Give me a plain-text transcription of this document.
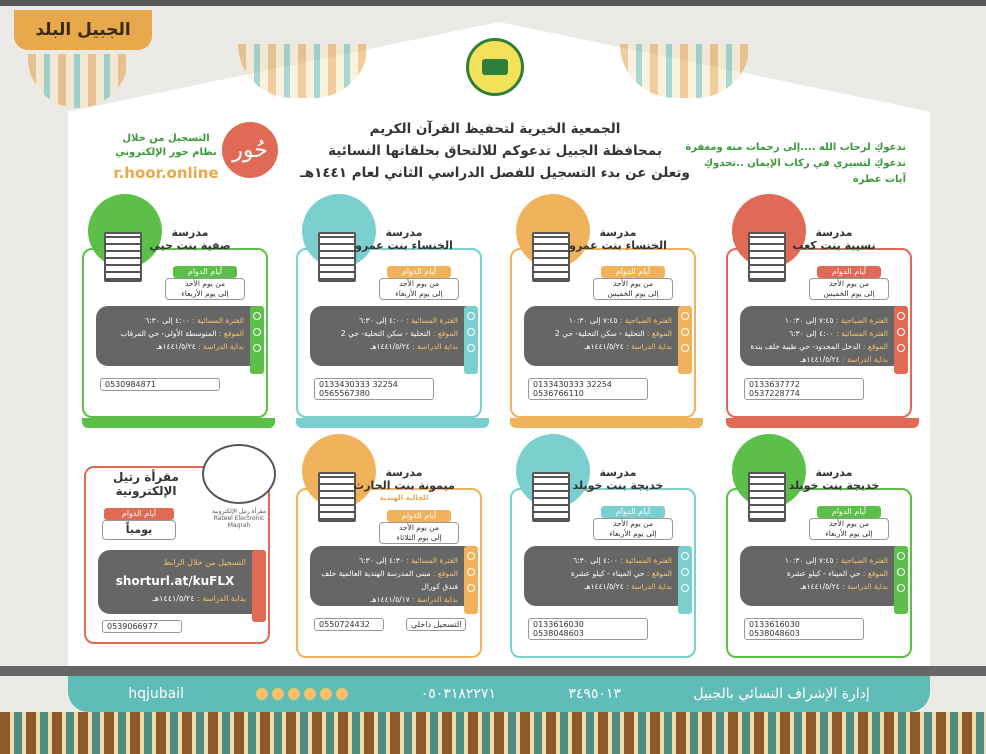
الجبيل البلد
الجمعية الخيرية لتحفيظ القرآن الكريم
بمحافظة الجبيل تدعوكم للالتحاق بحلقاتها النسائية
وتعلن عن بدء التسجيل للفصل الدراسي الثاني لعام ١٤٤١هـ
التسجيل من خلال
نظام حور الإلكتروني
r.hoor.online
حُور	ندعوكِ لرحاب الله ....إلى رحمات منه ومغفرة
ندعوكِ لتسيري في ركاب الإيمان ..تحدوكِ آيات عطرة
مدرسة
نسيبة بنت كعب
أيام الدوام
من يوم الأحد
إلى يوم الخميس
الفترة الصباحية : ٧:٤٥ إلى ١٠:٣٠
الفترة المسائية : ٤:٠٠ إلى ٦:٣٠
الموقع : الدخل المحدود- حي طيبة خلف بندة
بداية الدراسة : ١٤٤١/٥/٢٤هـ
0133637772
0537228774
مدرسة
الخنساء بنت عمرو
أيام الدوام
من يوم الأحد
إلى يوم الخميس
الفترة الصباحية : ٧:٤٥ إلى ١٠:٣٠
الموقع : التحلية - سكن التحلية- حي 2
بداية الدراسة : ١٤٤١/٥/٢٤هـ
0133430333 32254
0536766110
مدرسة
الخنساء بنت عمرو
أيام الدوام
من يوم الأحد
إلى يوم الأربعاء
الفترة المسائية : ٤:٠٠ إلى ٦:٣٠
الموقع : التحلية - سكن التحلية- حي 2
بداية الدراسة : ١٤٤١/٥/٢٤هـ
0133430333 32254
0565567380
مدرسة
صفية بنت حيي
أيام الدوام
من يوم الأحد
إلى يوم الأربعاء
الفترة المسائية : ٤:٠٠ إلى ٦:٣٠
الموقع : المتوسطة الأولى- حي المرقاب
بداية الدراسة : ١٤٤١/٥/٢٤هـ
0530984871
مدرسة
خديجة بنت خويلد
أيام الدوام
من يوم الأحد
إلى يوم الأربعاء
الفترة الصباحية : ٧:٤٥ إلى ١٠:٣٠
الموقع : حي الميناء - كيلو عشرة
بداية الدراسة : ١٤٤١/٥/٢٤هـ
0133616030
0538048603
مدرسة
خديجة بنت خويلد
أيام الدوام
من يوم الأحد
إلى يوم الأربعاء
الفترة المسائية : ٤:٠٠ إلى ٦:٣٠
الموقع : حي الميناء - كيلو عشرة
بداية الدراسة : ١٤٤١/٥/٢٤هـ
0133616030
0538048603
مدرسة
ميمونة بنت الحارث
للجالية الهندية
أيام الدوام
من يوم الأحد
إلى يوم الثلاثاء
الفترة المسائية : ٤:٣٠ إلى ٦:٣٠
الموقع : مبنى المدرسة الهندية العالمية خلف فندق كورال
بداية الدراسة : ١٤٤١/٥/١٧هـ
0550724432	التسجيل داخلي
مقرأة رتيل الإلكترونية
Rateel Electronic Maqrah
مقرأة رتيل
الإلكترونية
أيام الدوام
يومياً
التسجيل من خلال الرابط
shorturl.at/kuFLX
بداية الدراسة : ١٤٤١/٥/٢٤هـ
0539066977
إدارة الإشراف النسائي بالجبيل
٣٤٩٥٠١٣
٠٥٠٣١٨٢٢٧١
hqjubail
